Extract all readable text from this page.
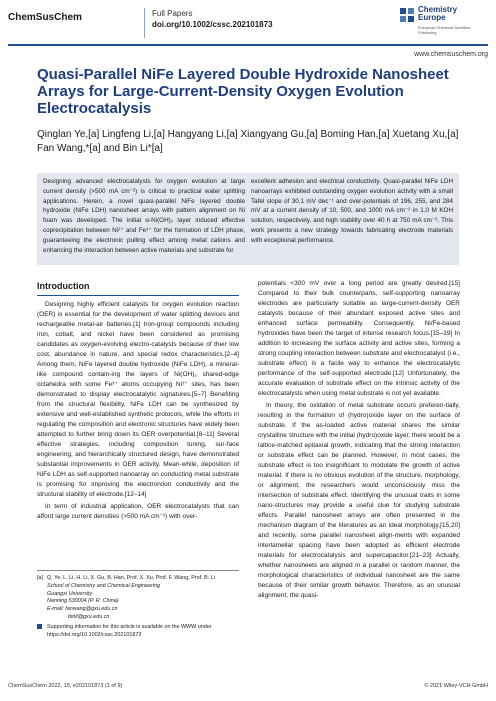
ChemSusChem	Full Papers
doi.org/10.1002/cssc.202101873
Chemistry
Europe
European Chemical Societies Publishing
www.chemsuschem.org
Quasi-Parallel NiFe Layered Double Hydroxide Nanosheet Arrays for Large-Current-Density Oxygen Evolution Electrocatalysis
Qinglan Ye,[a] Lingfeng Li,[a] Hangyang Li,[a] Xiangyang Gu,[a] Boming Han,[a] Xuetang Xu,[a] Fan Wang,*[a] and Bin Li*[a]
Designing advanced electrocatalysts for oxygen evolution at large current density (>500 mA cm⁻²) is critical to practical water splitting applications. Herein, a novel quasi-parallel NiFe layered double hydroxide (NiFe LDH) nanosheet arrays with pattern alignment on Ni foam was developed. The initial α-Ni(OH)₂ layer induced effective coprecipitation between Ni²⁺ and Fe³⁺ for the formation of LDH phase, guaranteeing the electronic pulling effect among metal cations and enhancing the interaction between active materials and substrate for
excellent adhesion and electrical conductivity. Quasi-parallel NiFe LDH nanoarrays exhibited outstanding oxygen evolution activity with a small Tafel slope of 30.1 mV dec⁻¹ and over-potentials of 196, 255, and 284 mV at a current density of 10, 500, and 1000 mA cm⁻² in 1.0 M KOH solution, respectively, and high stability over 40 h at 750 mA cm⁻². This work presents a new strategy towards fabricating electrode materials with exceptional performance.
Introduction

Designing highly efficient catalysts for oxygen evolution reaction (OER) is essential for the development of water splitting devices and rechargeable metal-air batteries.[1] Iron-group compounds including iron, cobalt, and nickel have been considered as promising candidates as oxygen-evolving electro-catalysts because of their low cost, abundance in nature, and special redox characteristics.[2–4] Among them, NiFe layered double hydroxide (NiFe LDH), a mineral-like compound contain-ing the layers of Ni(OH)₂ shared-edge octahedra with some Fe³⁺ atoms occupying Ni²⁺ sites, has been demonstrated to display electrocatalytic signatures.[5–7] Benefiting from the structural flexibility, NiFe LDH can be synthesized by extensive and well-established synthetic protocols, while the efforts in regulating the composition and electronic structures have widely been attempted to further bring down its OER overpotential.[8–11] Several effective strategies, including composition tuning, sur-face engineering, and hierarchically structured design, have demonstrated substantial improvements in OER activity. Mean-while, deposition of NiFe LDH as self-supported nanoarray on conducting metal substrate is promising for improving the electron/ion conductivity and the structural stability of electrode.[12–14]

In term of industrial application, OER electrocatalysts that can afford large current densities (>500 mA cm⁻²) with over-

potentials <300 mV over a long period are greatly desired.[15] Compared to their bulk counterparts, self-supporting nanoarray electrodes are particularly suitable as large-current-density OER catalysts because of their abundant exposed active sites and enhanced surface permeability. Consequently, Ni/Fe-based hydroxides have been the target of intense research focus.[15–19] In addition to increasing the surface activity and active sites, forming a strong coupling interaction between substrate and electrocatalyst (i.e., substrate effect) is a facile way to enhance the electrocatalytic performance of the self-supported electrode.[12] Unfortunately, the accurate evaluation of substrate effect on the intrinsic activity of the electrocatalysts when using metal substrate is not yet available.

In theory, the oxidation of metal substrate occurs preferen-tially, resulting in the formation of (hydro)oxide layer on the surface of substrate. If the as-loaded active material shares the similar crystalline structure with the initial (hydro)oxide layer, there would be a lattice-matched epitaxial growth, indicating that the strong interaction or substrate effect can be planned. However, in most cases, the substrate effect is too insignificant to modulate the growth of active material. If there is no obvious evolution of the structure, morphology, or alignment, the researchers would unconsciously miss the intersection of substrate effect. Identifying the unusual traits in some nano-structures may provide a useful clue for studying substrate effects. Parallel nanosheet arrays are often presented in the mechanism diagram of the literatures as an ideal morphology,[15,20] and recently, some parallel nanosheet align-ments with expanded interlamellar spacing have been adopted as efficient electrode materials for electrocatalysis and supercapacitor.[21–23] Actually, whether nanosheets are aligned in a parallel or random manner, the morphological characteristics of individual nanosheet are the same because of their similar growth behavior. Therefore, as an unusual alignment, the quasi-

[a] Q. Ye, L. Li, H. Li, X. Gu, B. Han, Prof. X. Xu, Prof. F. Wang, Prof. B. Li
School of Chemistry and Chemical Engineering
Guangxi University
Nanning 530004 (P. R. China)
E-mail: fanwang@gxu.edu.cn
binli@gxu.edu.cn
Supporting information for this article is available on the WWW under https://doi.org/10.1002/cssc.202101873
ChemSusChem 2022, 15, e202101873 (1 of 9)	© 2021 Wiley-VCH GmbH
